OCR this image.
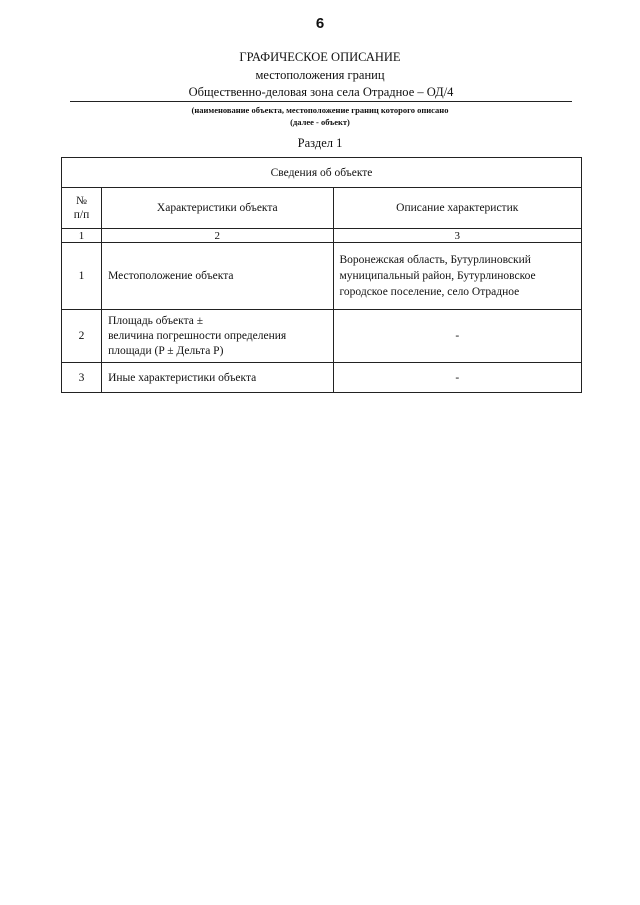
6
ГРАФИЧЕСКОЕ ОПИСАНИЕ
местоположения границ
Общественно-деловая зона села Отрадное – ОД/4
(наименование объекта, местоположение границ которого описано
(далее - объект)
Раздел 1
Сведения об объекте		

№
п/п	Характеристики объекта	Описание характеристик
1	2	3
1	Местоположение объекта	Воронежская область, Бутурлиновский муниципальный район, Бутурлиновское городское поселение, село Отрадное
2	Площадь объекта ±
величина погрешности определения площади (P ± Дельта P)	-
3	Иные характеристики объекта	-
